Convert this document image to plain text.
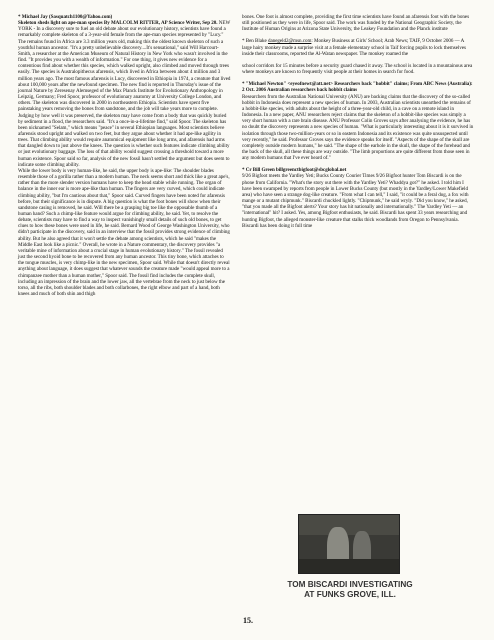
* Michael Jay (Sasquatch1100@Yahoo.com)

Skeleton sheds light on ape-man species By MALCOLM RITTER, AP Science Writer, Sep 20. NEW YORK - In a discovery sure to fuel an old debate about our evolutionary history, scientists have found a remarkably complete skeleton of a 3-year-old female from the ape-man species represented by "Lucy." The remains found in Africa are 3.3 million years old, making this the oldest known skeleton of such a youthful human ancestor. "It's a pretty unbelievable discovery....It's sensational," said Will Harcourt-Smith, a researcher at the American Museum of Natural History in New York who wasn't involved in the find. "It provides you with a wealth of information." For one thing, it gives new evidence for a contentious find about whether this species, which walked upright, also climbed and moved through trees easily. The species is Australopithecus afarensis, which lived in Africa between about 4 million and 3 million years ago. The most famous afarensis is Lucy, discovered in Ethiopia in 1974, a creature that lived about 100,000 years after the newfound specimen. The new find is reported in Thursday's issue of the journal Nature by Zeresenay Alemseged of the Max Planck Institute for Evolutionary Anthropology in Leipzig, Germany; Fred Spoor, professor of evolutionary anatomy at University College London, and others. The skeleton was discovered in 2000 in northeastern Ethiopia. Scientists have spent five painstaking years removing the bones from sandstone, and the job will take years more to complete. Judging by how well it was preserved, the skeleton may have come from a body that was quickly buried by sediment in a flood, the researchers said. "It's a once-in-a-lifetime find," said Spoor. The skeleton has been nicknamed "Selam," which means "peace" in several Ethiopian languages. Most scientists believe afarensis stood upright and walked on two feet, but they argue about whether it had ape-like agility in trees. That climbing ability would require anatomical equipment like long arms, and afarensis had arms that dangled down to just above the knees. The question is whether such features indicate climbing ability or just evolutionary baggage. The loss of that ability would suggest crossing a threshold toward a more human existence. Spoor said so far, analysis of the new fossil hasn't settled the argument but does seem to indicate some climbing ability.

While the lower body is very human-like, he said, the upper body is ape-like: The shoulder blades resemble those of a gorilla rather than a modern human. The neck seems short and thick like a great ape's, rather than the more slender version humans have to keep the head stable while running. The organ of balance in the inner ear is more ape-like than human. The fingers are very curved, which could indicate climbing ability, "but I'm cautious about that," Spoor said. Curved fingers have been noted for afarensis before, but their significance is in dispute. A big question is what the foot bones will show when their sandstone casing is removed, he said. Will there be a grasping big toe like the opposable thumb of a human hand? Such a chimp-like feature would argue for climbing ability, he said. Yet, to resolve the debate, scientists may have to find a way to inspect vanishingly small details of such old bones, to get clues to how these bones were used in life, he said. Bernard Wood of George Washington University, who didn't participate in the discovery, said in an interview that the fossil provides strong evidence of climbing ability. But he also agreed that it won't settle the debate among scientists, which he said "makes the Middle East look like a picnic." Overall, he wrote in a Nature commentary, the discovery provides "a veritable mine of information about a crucial stage in human evolutionary history." The fossil revealed just the second hyoid bone to be recovered from any human ancestor. This tiny bone, which attaches to the tongue muscles, is very chimp-like in the new specimen, Spoor said. While that doesn't directly reveal anything about language, it does suggest that whatever sounds the creature made "would appeal more to a chimpanzee mother than a human mother," Spoor said. The fossil find includes the complete skull, including an impression of the brain and the lower jaw, all the vertebrae from the neck to just below the torso, all the ribs, both shoulder blades and both collarbones, the right elbow and part of a hand, both knees and much of both shin and thigh

bones. One foot is almost complete, providing the first time scientists have found an afarensis foot with the bones still positioned as they were in life, Spoor said. The work was funded by the National Geographic Society, the Institute of Human Origins at Arizona State University, the Leakey Foundation and the Planck institute

* Ben Blake danegeld2@msn.com: Monkey Business at Girls' School; Arab News; TAIF, 9 October 2006 — A large hairy monkey made a surprise visit at a female elementary school in Taif forcing pupils to lock themselves inside their classrooms, reported the Al-Watan newspaper. The monkey roamed the

school corridors for 15 minutes before a security guard chased it away. The school is located in a mountainous area where monkeys are known to frequently visit people at their homes in search for food.

* "Michael Newton" <eyeofnewt@att.net> Researchers back "hobbit" claims; From ABC News (Australia): 2 Oct. 2006 Australian researchers back hobbit claims

Researchers from the Australian National University (ANU) are backing claims that the discovery of the so-called hobbit in Indonesia does represent a new species of human. In 2003, Australian scientists unearthed the remains of a hobbit-like species, with adults about the height of a three-year-old child, in a cave on a remote island in Indonesia. In a new paper, ANU researchers reject claims that the skeleton of a hobbit-like species was simply a very short human with a rare brain disease. ANU Professor Colin Groves says after analysing the evidence, he has no doubt the discovery represents a new species of human. "What is particularly interesting about it is it survived in isolation through those two-million-years or so in eastern Indonesia and its existence was quite unsuspected until very recently," he said. Professor Groves says the evidence speaks for itself. "Aspects of the shape of the skull are completely outside modern humans," he said. "The shape of the earhole in the skull, the shape of the forehead and the back of the skull, all these things are way outside. "The limb proportions are quite different from those seen in any modern humans that I've ever heard of."

* Cr Bill Green billgreenctbigfoot@sbcglobal.net

9/26 Bigfoot meets the Yardley Yeti; Bucks County Courier Times 9/26 Bigfoot hunter Tom Biscardi is on the phone from California. "What's the story out there with the Yardley Yeti? Whaddya got?" he asked. I told him I have been swamped by reports from people in Lower Bucks County (but mostly in the Yardley/Lower Makefield area) who have seen a strange dog-like creature. "From what I can tell," I said, "it could be a feral dog, a fox with mange or a mutant chipmunk." Biscardi chuckled lightly. "Chipmunk," he said wryly. "Did you know," he asked, "that you made all the Bigfoot alerts? Your story has hit nationally and internationally." The Yardley Yeti — an "international" hit? I asked. Yes, among Bigfoot enthusiasts, he said. Biscardi has spent 33 years researching and hunting Bigfoot, the alleged monster-like creature that stalks thick woodlands from Oregon to Pennsylvania. Biscardi has been doing it full time

TOM BISCARDI INVESTIGATING
AT FUNKS GROVE, ILL.
15.
